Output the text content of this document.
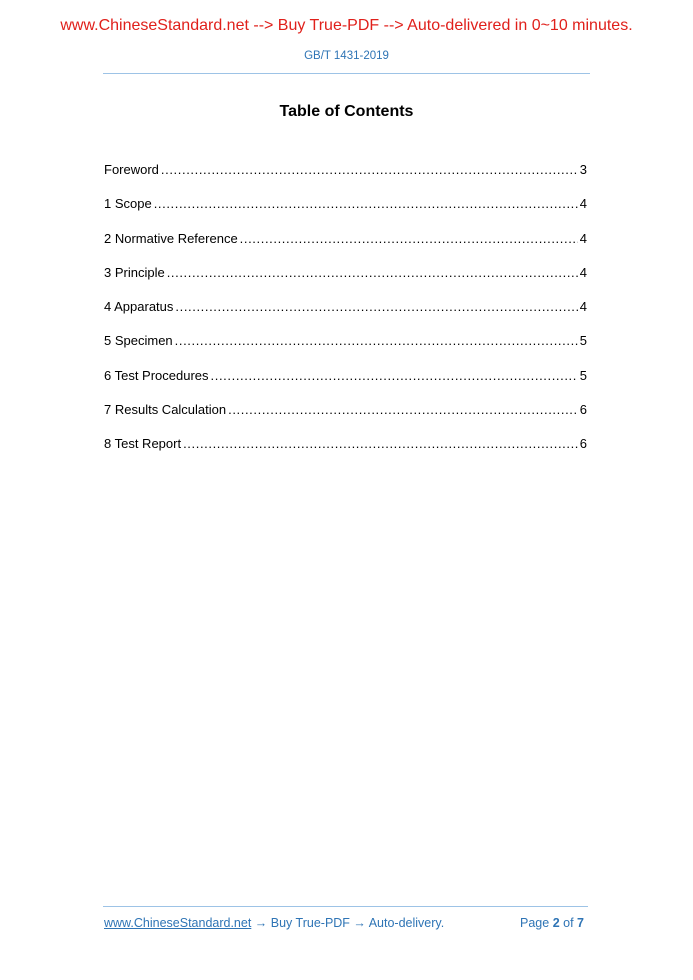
www.ChineseStandard.net --> Buy True-PDF --> Auto-delivered in 0~10 minutes.
GB/T 1431-2019
Table of Contents
Foreword .....	3
1 Scope .....	4
2 Normative Reference .....	4
3 Principle .....	4
4 Apparatus .....	4
5 Specimen .....	5
6 Test Procedures .....	5
7 Results Calculation .....	6
8 Test Report .....	6
www.ChineseStandard.net → Buy True-PDF → Auto-delivery.	Page 2 of 7
